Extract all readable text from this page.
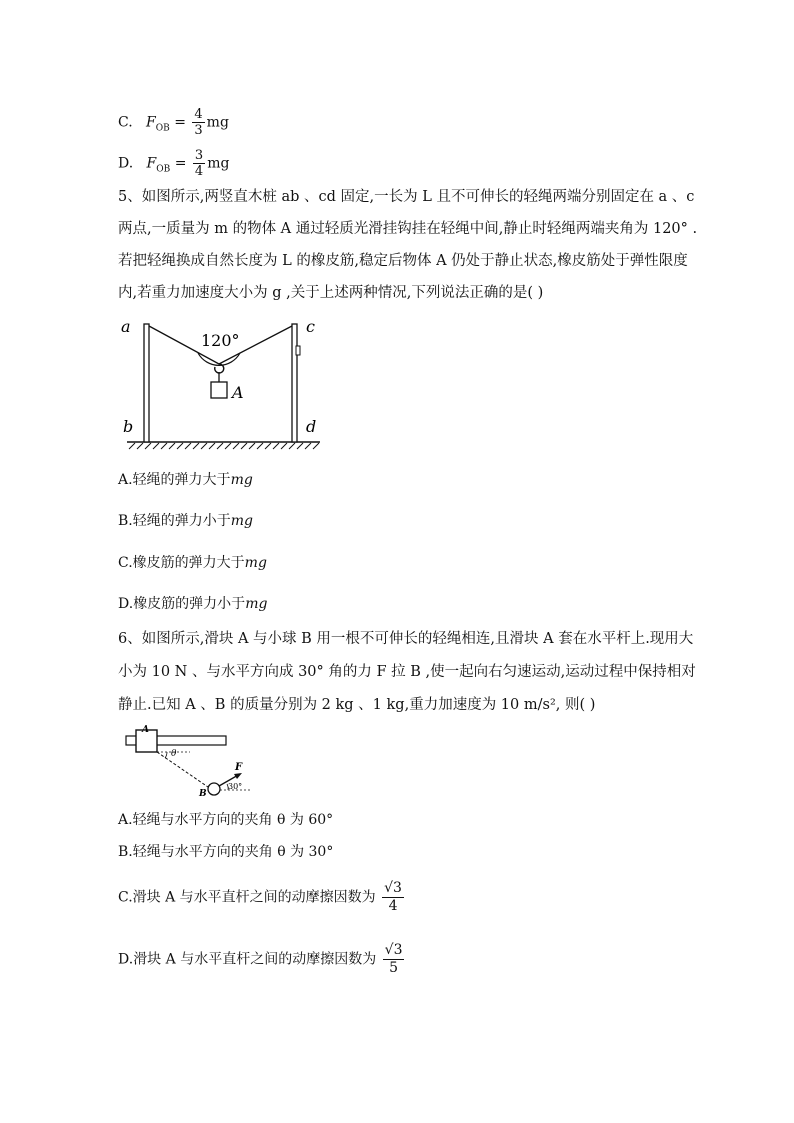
C. $F_{OB} = \frac{4}{3}$ mg
D. $F_{OB} = \frac{3}{4}$ mg
5、如图所示,两竖直木桩 ab 、cd 固定,一长为 L 且不可伸长的轻绳两端分别固定在 a 、c
两点,一质量为 m 的物体 A 通过轻质光滑挂钩挂在轻绳中间,静止时轻绳两端夹角为 120° .
若把轻绳换成自然长度为 L 的橡皮筋,稳定后物体 A 仍处于静止状态,橡皮筋处于弹性限度
内,若重力加速度大小为 g ,关于上述两种情况,下列说法正确的是( )
120°
A
a
b
c
d
A.轻绳的弹力大于mg
B.轻绳的弹力小于mg
C.橡皮筋的弹力大于mg
D.橡皮筋的弹力小于mg
6、如图所示,滑块 A 与小球 B 用一根不可伸长的轻绳相连,且滑块 A 套在水平杆上.现用大
小为 10 N 、与水平方向成 30° 角的力 F 拉 B ,使一起向右匀速运动,运动过程中保持相对
静止.已知 A 、B 的质量分别为 2 kg 、1 kg,重力加速度为 10 m/s², 则( )
A
θ
B
F
30°
A.轻绳与水平方向的夹角 θ 为 60°
B.轻绳与水平方向的夹角 θ 为 30°
C.滑块 A 与水平直杆之间的动摩擦因数为 $\frac{√3}{4}$
D.滑块 A 与水平直杆之间的动摩擦因数为 $\frac{√3}{5}$
